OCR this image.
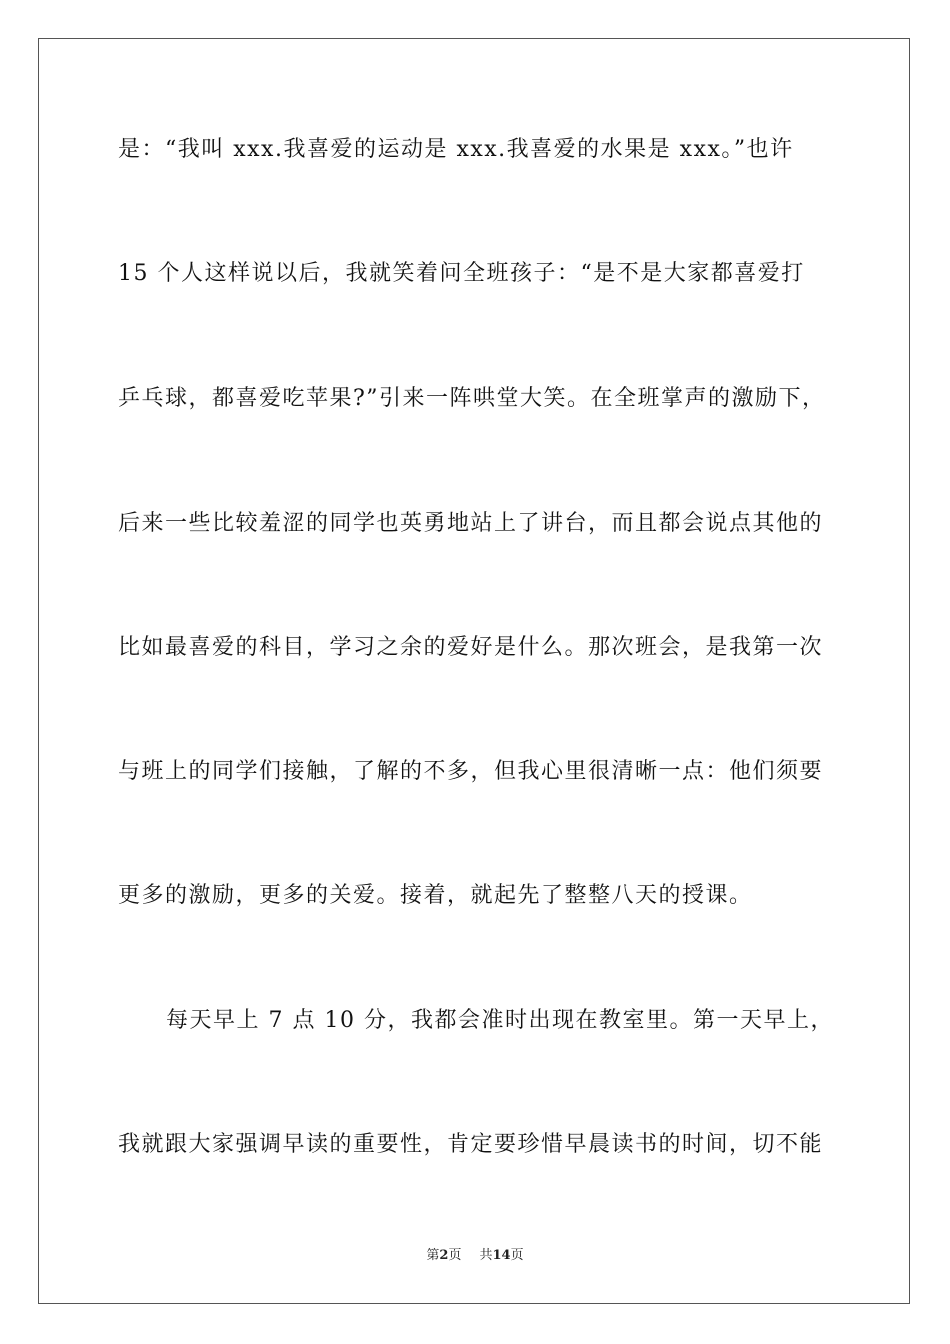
是：“我叫 xxx.我喜爱的运动是 xxx.我喜爱的水果是 xxx。”也许
15 个人这样说以后，我就笑着问全班孩子：“是不是大家都喜爱打
乒乓球，都喜爱吃苹果?”引来一阵哄堂大笑。在全班掌声的激励下，
后来一些比较羞涩的同学也英勇地站上了讲台，而且都会说点其他的
比如最喜爱的科目，学习之余的爱好是什么。那次班会，是我第一次
与班上的同学们接触，了解的不多，但我心里很清晰一点：他们须要
更多的激励，更多的关爱。接着，就起先了整整八天的授课。
每天早上 7 点 10 分，我都会准时出现在教室里。第一天早上，
我就跟大家强调早读的重要性，肯定要珍惜早晨读书的时间，切不能
第2页 共14页
